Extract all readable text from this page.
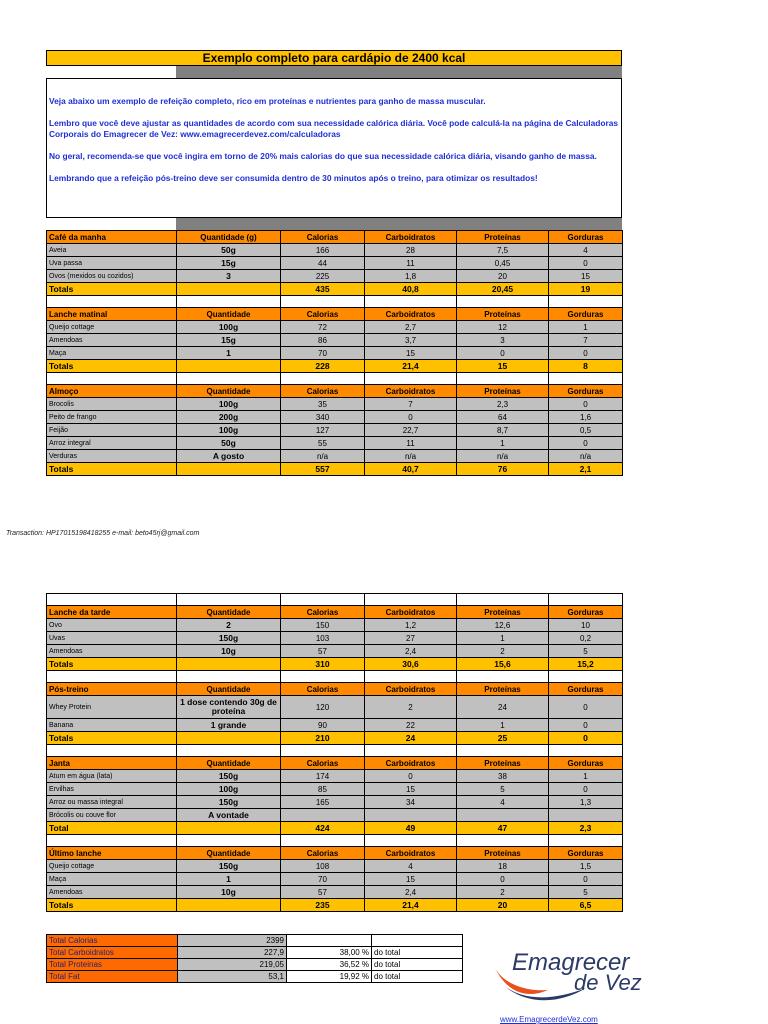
Exemplo completo para cardápio de 2400 kcal

Veja abaixo um exemplo de refeição completo, rico em proteínas e nutrientes para ganho de massa muscular.

Lembro que você deve ajustar as quantidades de acordo com sua necessidade calórica diária. Você pode calculá-la na página de Calculadoras Corporais do Emagrecer de Vez: www.emagrecerdevez.com/calculadoras

No geral, recomenda-se que você ingira em torno de 20% mais calorias do que sua necessidade calórica diária, visando ganho de massa.

Lembrando que a refeição pós-treino deve ser consumida dentro de 30 minutos após o treino, para otimizar os resultados!

Café da manha	Quantidade (g)	Calorias	Carboidratos	Proteínas	Gorduras
Aveia	50g	166	28	7,5	4
Uva passa	15g	44	11	0,45	0
Ovos (mexidos ou cozidos)	3	225	1,8	20	15
Totals		435	40,8	20,45	19

Lanche matinal	Quantidade	Calorias	Carboidratos	Proteínas	Gorduras
Queijo cottage	100g	72	2,7	12	1
Amendoas	15g	86	3,7	3	7
Maça	1	70	15	0	0
Totals		228	21,4	15	8

Almoço	Quantidade	Calorias	Carboidratos	Proteínas	Gorduras
Brocolis	100g	35	7	2,3	0
Peito de frango	200g	340	0	64	1,6
Feijão	100g	127	22,7	8,7	0,5
Arroz integral	50g	55	11	1	0
Verduras	A gosto	n/a	n/a	n/a	n/a
Totals		557	40,7	76	2,1
Transaction: HP17015198418255 e-mail: beto45rj@gmail.com

Lanche da tarde	Quantidade	Calorias	Carboidratos	Proteínas	Gorduras
Ovo	2	150	1,2	12,6	10
Uvas	150g	103	27	1	0,2
Amendoas	10g	57	2,4	2	5
Totals		310	30,6	15,6	15,2

Pós-treino	Quantidade	Calorias	Carboidratos	Proteínas	Gorduras
Whey Protein	1 dose contendo 30g de proteína	120	2	24	0
Banana	1 grande	90	22	1	0
Totals		210	24	25	0

Janta	Quantidade	Calorias	Carboidratos	Proteínas	Gorduras
Atum em água (lata)	150g	174	0	38	1
Ervilhas	100g	85	15	5	0
Arroz ou massa integral	150g	165	34	4	1,3
Brócolis ou couve flor	A vontade				
Total		424	49	47	2,3

Último lanche	Quantidade	Calorias	Carboidratos	Proteínas	Gorduras
Queijo cottage	150g	108	4	18	1,5
Maça	1	70	15	0	0
Amendoas	10g	57	2,4	2	5
Totals		235	21,4	20	6,5
Total Calorias	2399		
Total Carboidratos	227,9	38,00 %	do total
Total Proteinas	219,05	36,52 %	do total
Total Fat	53,1	19,92 %	do total	Emagrecer
de Vez
www.EmagrecerdeVez.com
